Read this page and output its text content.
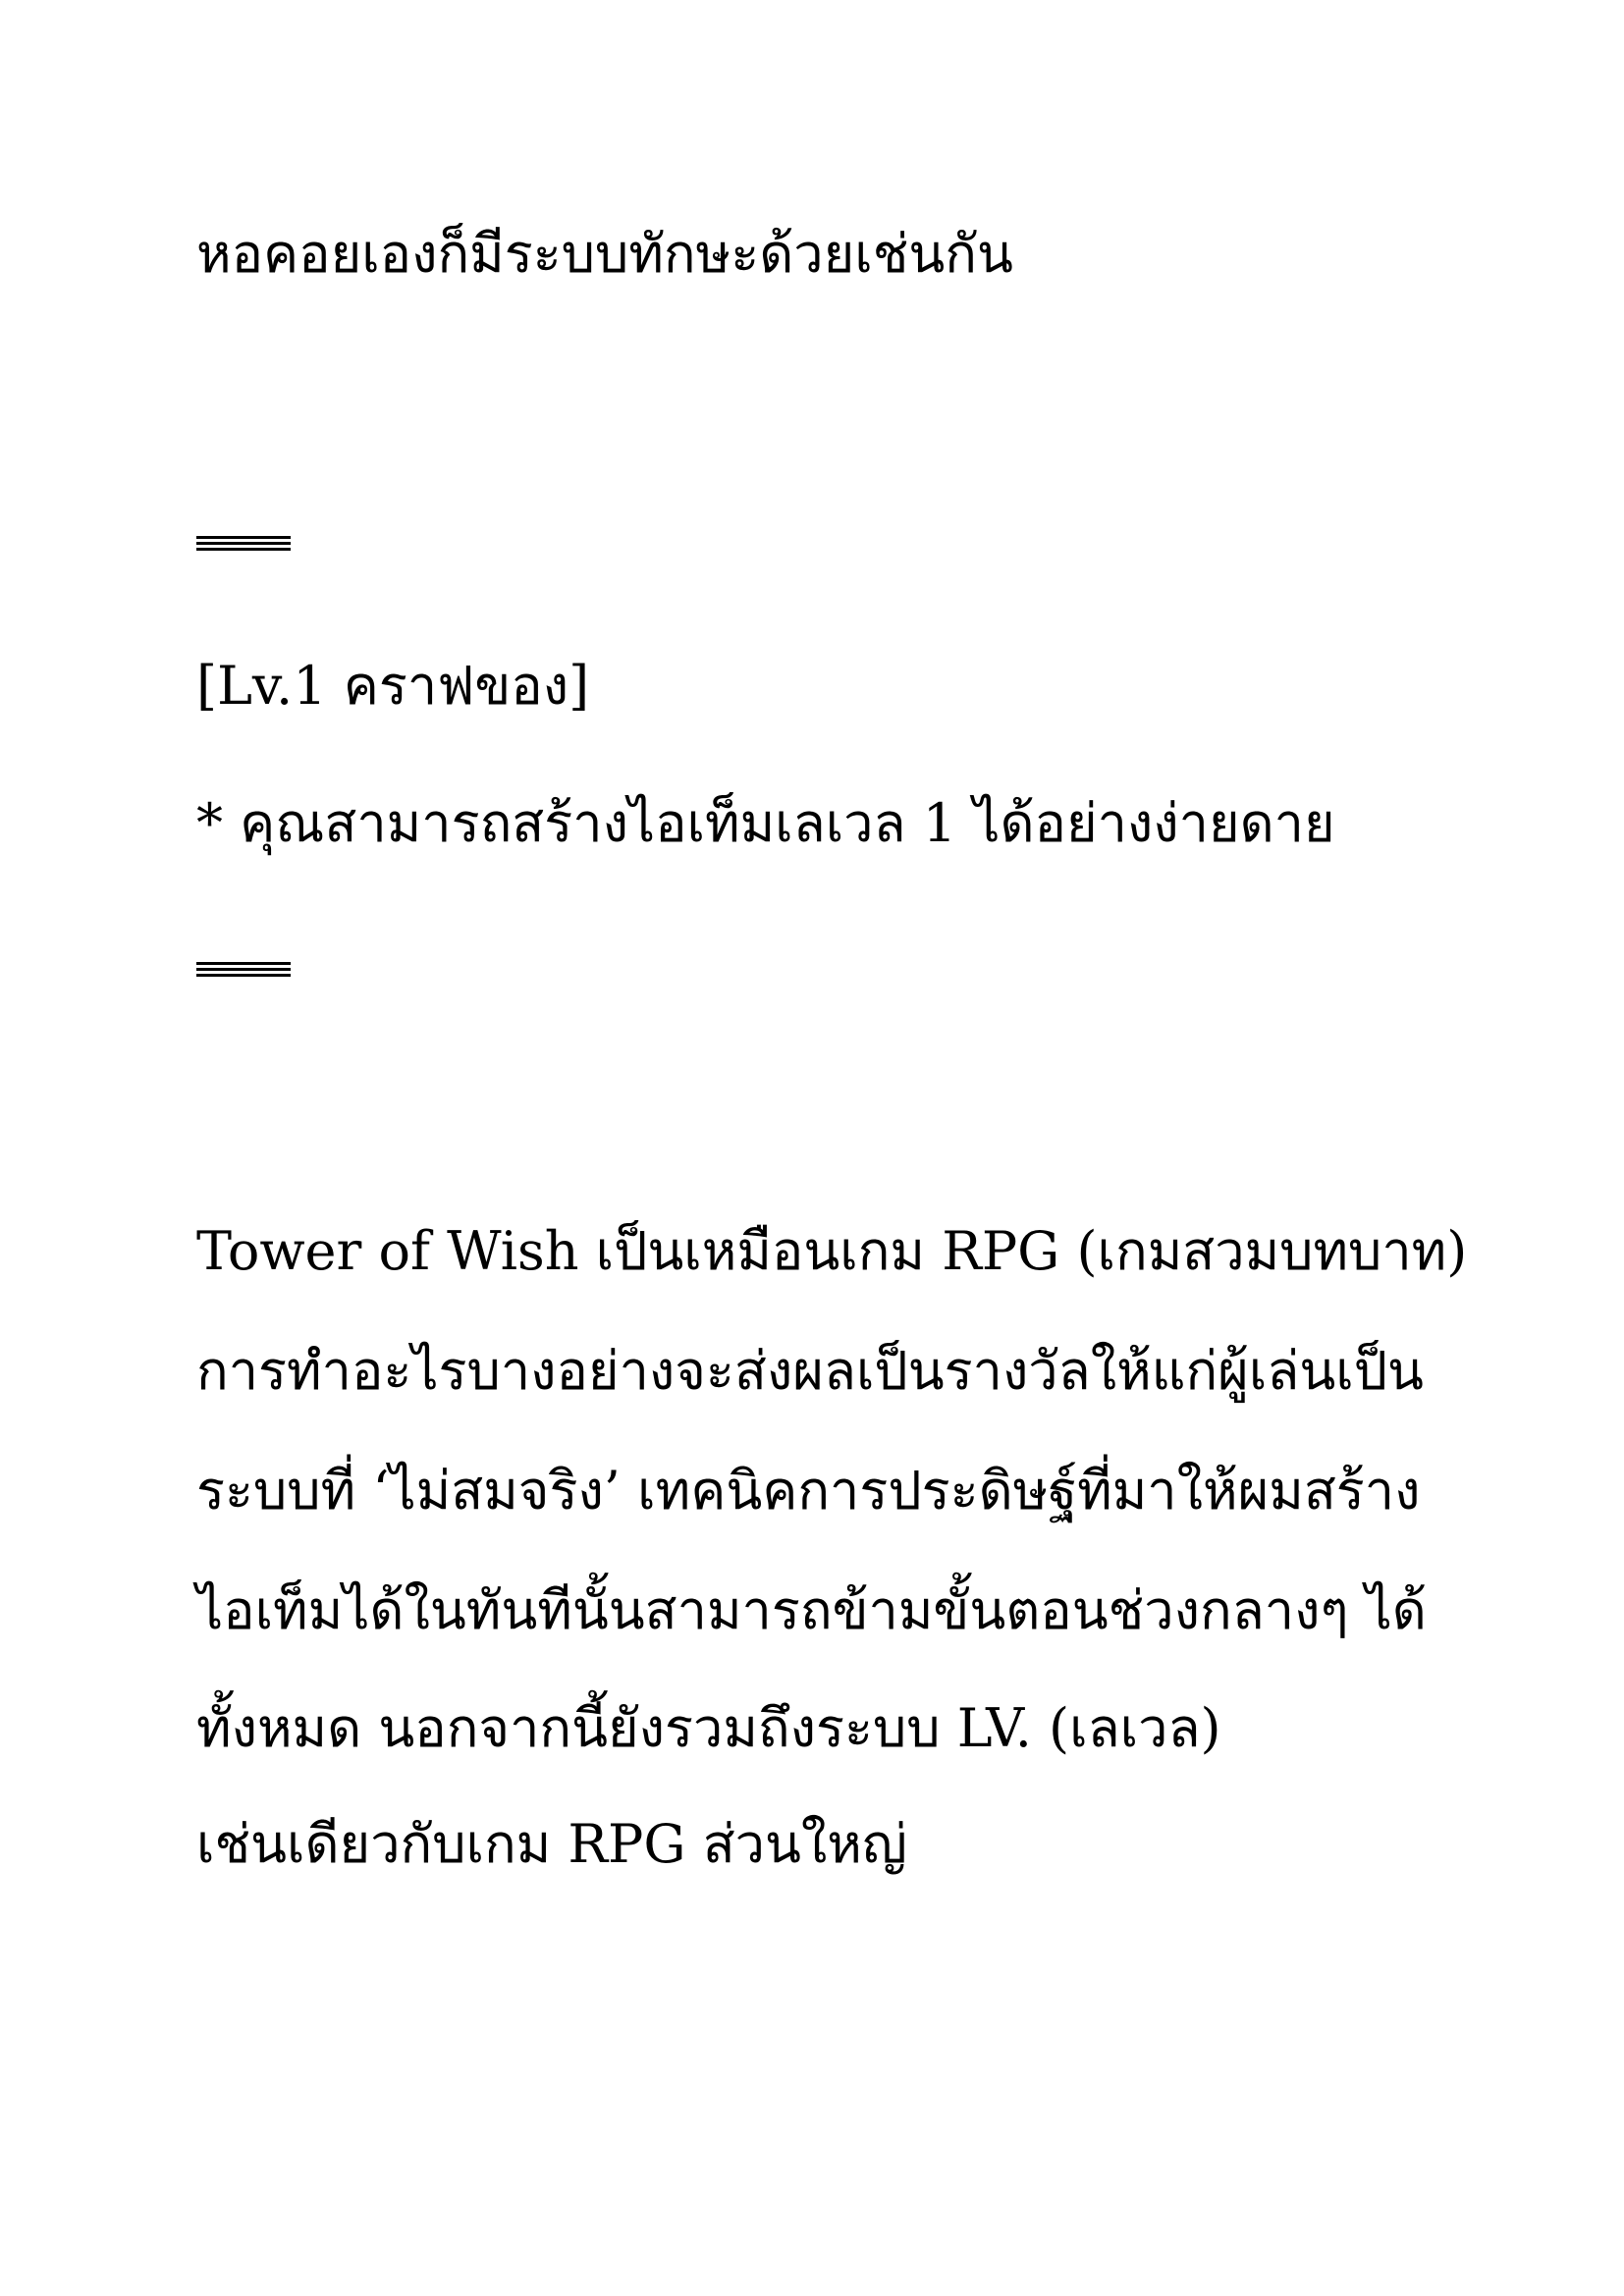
หอคอยเองก็มีระบบทักษะด้วยเช่นกัน

[Lv.1 คราฟของ]

* คุณสามารถสร้างไอเท็มเลเวล 1 ได้อย่างง่ายดาย

Tower of Wish เป็นเหมือนเกม RPG (เกมสวมบทบาท)

การทำอะไรบางอย่างจะส่งผลเป็นรางวัลให้แก่ผู้เล่นเป็น

ระบบที่ ‘ไม่สมจริง’ เทคนิคการประดิษฐ์ที่มาให้ผมสร้าง

ไอเท็มได้ในทันทีนั้นสามารถข้ามขั้นตอนช่วงกลางๆ ได้

ทั้งหมด นอกจากนี้ยังรวมถึงระบบ LV. (เลเวล)

เช่นเดียวกับเกม RPG ส่วนใหญ่
